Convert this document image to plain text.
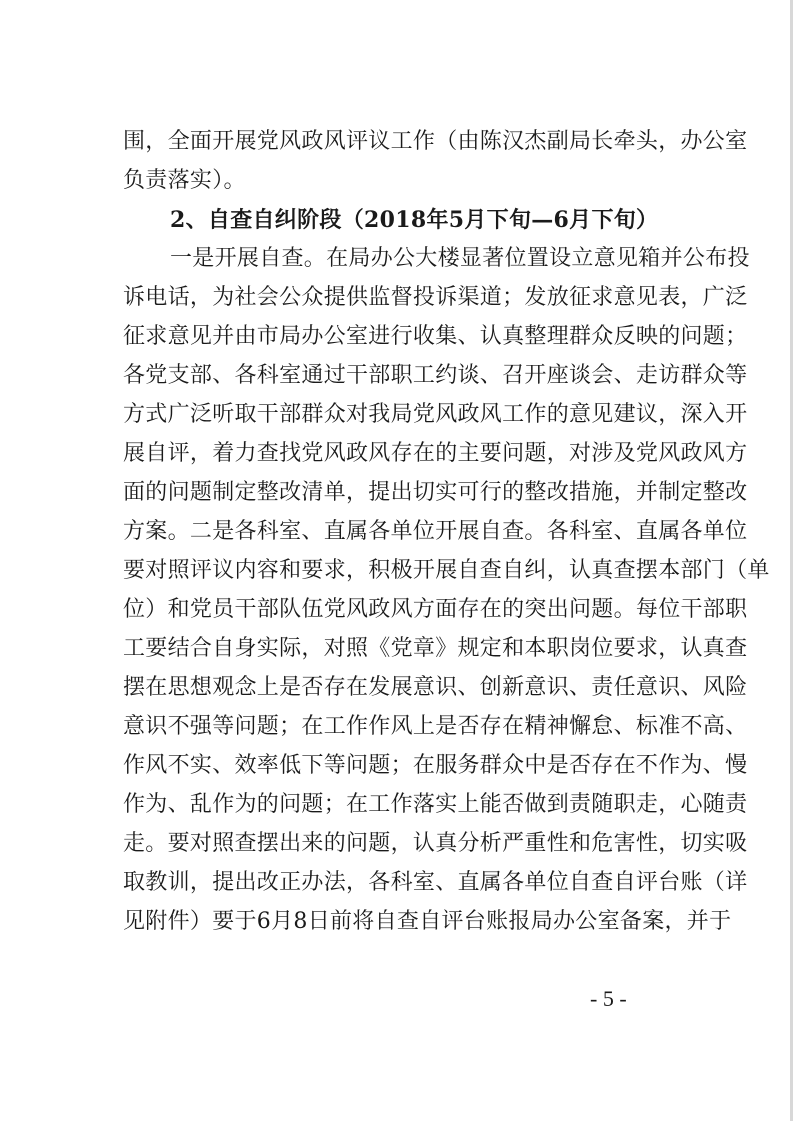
围，全面开展党风政风评议工作（由陈汉杰副局长牵头，办公室
负责落实）。
2、自查自纠阶段（2018年5月下旬—6月下旬）
一是开展自查。在局办公大楼显著位置设立意见箱并公布投
诉电话，为社会公众提供监督投诉渠道；发放征求意见表，广泛
征求意见并由市局办公室进行收集、认真整理群众反映的问题；
各党支部、各科室通过干部职工约谈、召开座谈会、走访群众等
方式广泛听取干部群众对我局党风政风工作的意见建议，深入开
展自评，着力查找党风政风存在的主要问题，对涉及党风政风方
面的问题制定整改清单，提出切实可行的整改措施，并制定整改
方案。二是各科室、直属各单位开展自查。各科室、直属各单位
要对照评议内容和要求，积极开展自查自纠，认真查摆本部门（单
位）和党员干部队伍党风政风方面存在的突出问题。每位干部职
工要结合自身实际，对照《党章》规定和本职岗位要求，认真查
摆在思想观念上是否存在发展意识、创新意识、责任意识、风险
意识不强等问题；在工作作风上是否存在精神懈怠、标准不高、
作风不实、效率低下等问题；在服务群众中是否存在不作为、慢
作为、乱作为的问题；在工作落实上能否做到责随职走，心随责
走。要对照查摆出来的问题，认真分析严重性和危害性，切实吸
取教训，提出改正办法，各科室、直属各单位自查自评台账（详
见附件）要于6月8日前将自查自评台账报局办公室备案，并于
- 5 -
